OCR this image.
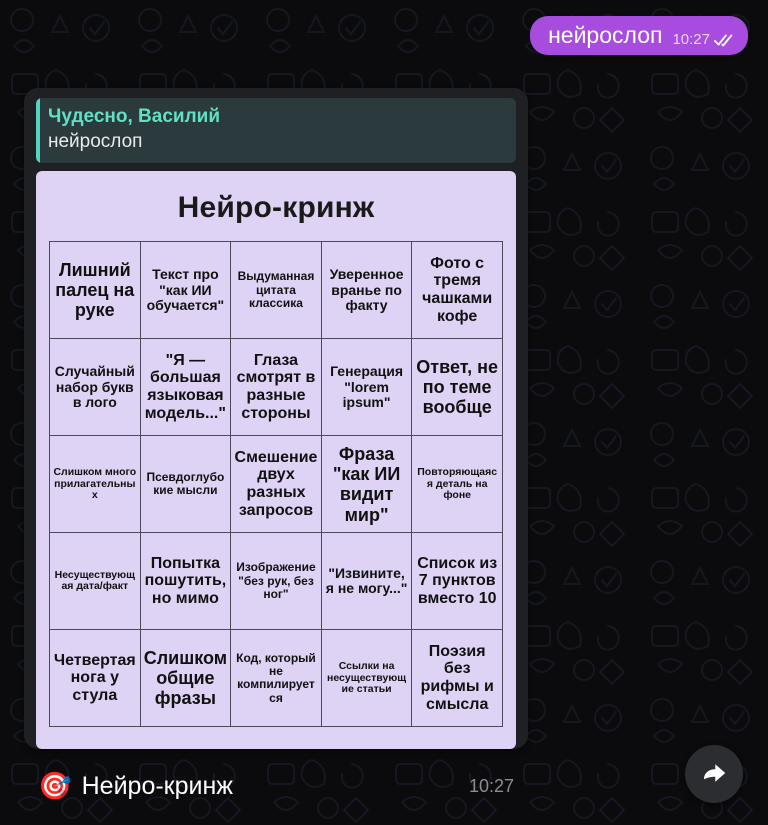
нейрослоп 10:27
Чудесно, Василий
нейрослоп
Нейро-кринж
Лишний палец на руке	Текст про "как ИИ обучается"	Выдуманная цитата классика	Уверенное вранье по факту	Фото с тремя чашками кофе
Случайный набор букв в лого	"Я — большая языковая модель..."	Глаза смотрят в разные стороны	Генерация "lorem ipsum"	Ответ, не по теме вообще
Слишком много прилагательных	Псевдоглубокие мысли	Смешение двух разных запросов	Фраза "как ИИ видит мир"	Повторяющаяся деталь на фоне
Несуществующая дата/факт	Попытка пошутить, но мимо	Изображение "без рук, без ног"	"Извините, я не могу..."	Список из 7 пунктов вместо 10
Четвертая нога у стула	Слишком общие фразы	Код, который не компилируется	Ссылки на несуществующие статьи	Поэзия без рифмы и смысла
🎯 Нейро-кринж	10:27
